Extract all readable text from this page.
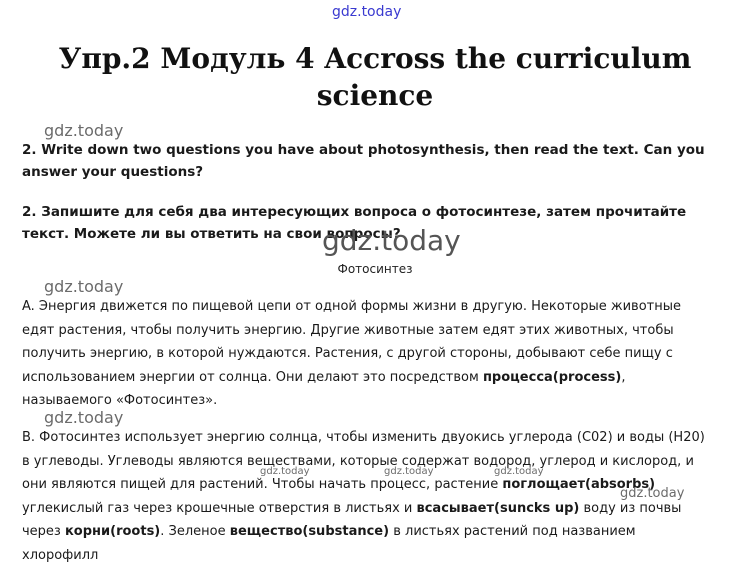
Упр.2 Модуль 4 Accross the curriculum
science
2. Write down two questions you have about photosynthesis, then read the text. Can you answer your questions?
2. Запишите для себя два интересующих вопроса о фотосинтезе, затем прочитайте текст. Можете ли вы ответить на свои вопросы?
Фотосинтез
A. Энергия движется по пищевой цепи от одной формы жизни в другую. Некоторые животные едят растения, чтобы получить энергию. Другие животные затем едят этих животных, чтобы получить энергию, в которой нуждаются. Растения, с другой стороны, добывают себе пищу с использованием энергии от солнца. Они делают это посредством процесса(process), называемого «Фотосинтез».
B. Фотосинтез использует энергию солнца, чтобы изменить двуокись углерода (C02) и воды (H20) в углеводы. Углеводы являются веществами, которые содержат водород, углерод и кислород, и они являются пищей для растений. Чтобы начать процесс, растение поглощает(absorbs) углекислый газ через крошечные отверстия в листьях и всасывает(suncks up) воду из почвы через корни(roots). Зеленое вещество(substance) в листьях растений под названием хлорофилл
gdz.today
gdz.today
gdz.today
gdz.today
gdz.today
gdz.today	gdz.today	gdz.today
gdz.today
